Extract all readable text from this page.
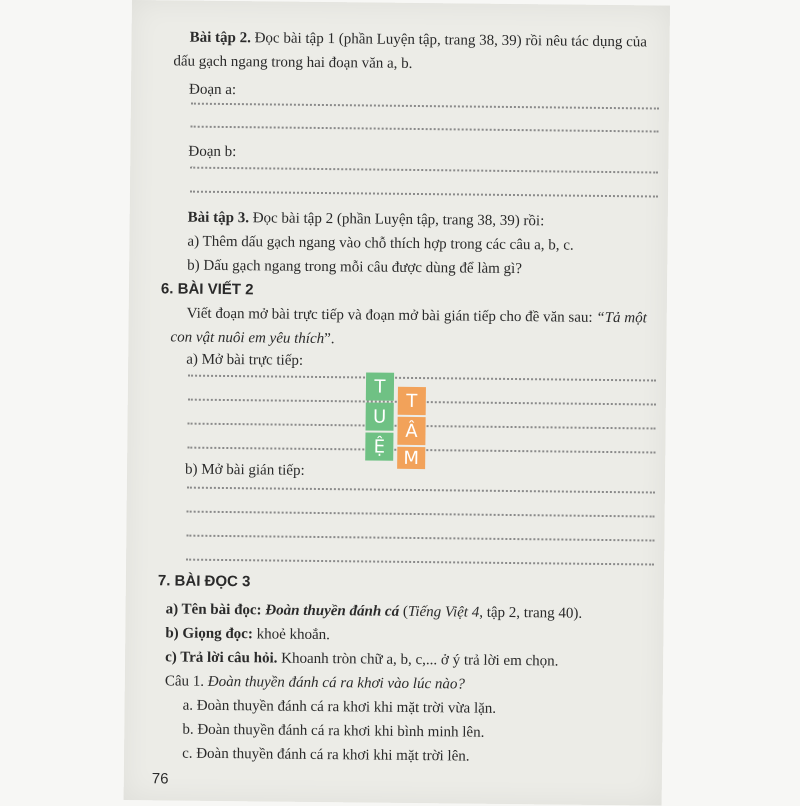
Bài tập 2. Đọc bài tập 1 (phần Luyện tập, trang 38, 39) rồi nêu tác dụng của
dấu gạch ngang trong hai đoạn văn a, b.
Đoạn a:
Đoạn b:
Bài tập 3. Đọc bài tập 2 (phần Luyện tập, trang 38, 39) rồi:
a) Thêm dấu gạch ngang vào chỗ thích hợp trong các câu a, b, c.
b) Dấu gạch ngang trong mỗi câu được dùng để làm gì?
6. BÀI VIẾT 2
Viết đoạn mở bài trực tiếp và đoạn mở bài gián tiếp cho đề văn sau: “Tả một
con vật nuôi em yêu thích”.
a) Mở bài trực tiếp:
b) Mở bài gián tiếp:
T
T
U
Â
Ệ
M
7. BÀI ĐỌC 3
a) Tên bài đọc: Đoàn thuyền đánh cá (Tiếng Việt 4, tập 2, trang 40).
b) Giọng đọc: khoẻ khoắn.
c) Trả lời câu hỏi. Khoanh tròn chữ a, b, c,... ở ý trả lời em chọn.
Câu 1. Đoàn thuyền đánh cá ra khơi vào lúc nào?
a. Đoàn thuyền đánh cá ra khơi khi mặt trời vừa lặn.
b. Đoàn thuyền đánh cá ra khơi khi bình minh lên.
c. Đoàn thuyền đánh cá ra khơi khi mặt trời lên.
76
